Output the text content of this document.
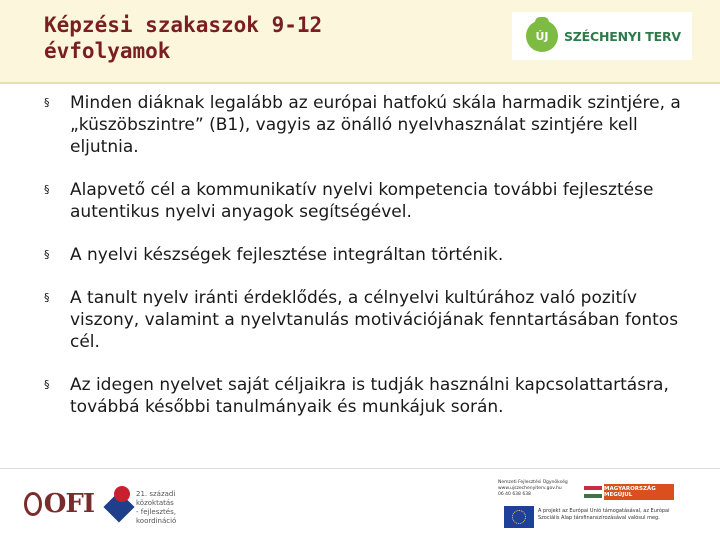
Képzési szakaszok 9-12
évfolyamok
ÚJ SZÉCHENYI TERV
§ Minden diáknak legalább az európai hatfokú skála harmadik szintjére, a „küszöbszintre” (B1), vagyis az önálló nyelvhasználat szintjére kell eljutnia.
§ Alapvető cél a kommunikatív nyelvi kompetencia további fejlesztése autentikus nyelvi anyagok segítségével.
§ A nyelvi készségek fejlesztése integráltan történik.
§ A tanult nyelv iránti érdeklődés, a célnyelvi kultúrához való pozitív viszony, valamint a nyelvtanulás motivációjának fenntartásában fontos cél.
§ Az idegen nyelvet saját céljaikra is tudják használni kapcsolattartásra, továbbá későbbi tanulmányaik és munkájuk során.
OFI	21. századi közoktatás
- fejlesztés, koordináció
Nemzeti Fejlesztési Ügynökség
www.ujszechenyiterv.gov.hu
06 40 638 638
MAGYARORSZÁG MEGÚJUL
A projekt az Európai Unió támogatásával, az Európai
Szociális Alap társfinanszírozásával valósul meg.
